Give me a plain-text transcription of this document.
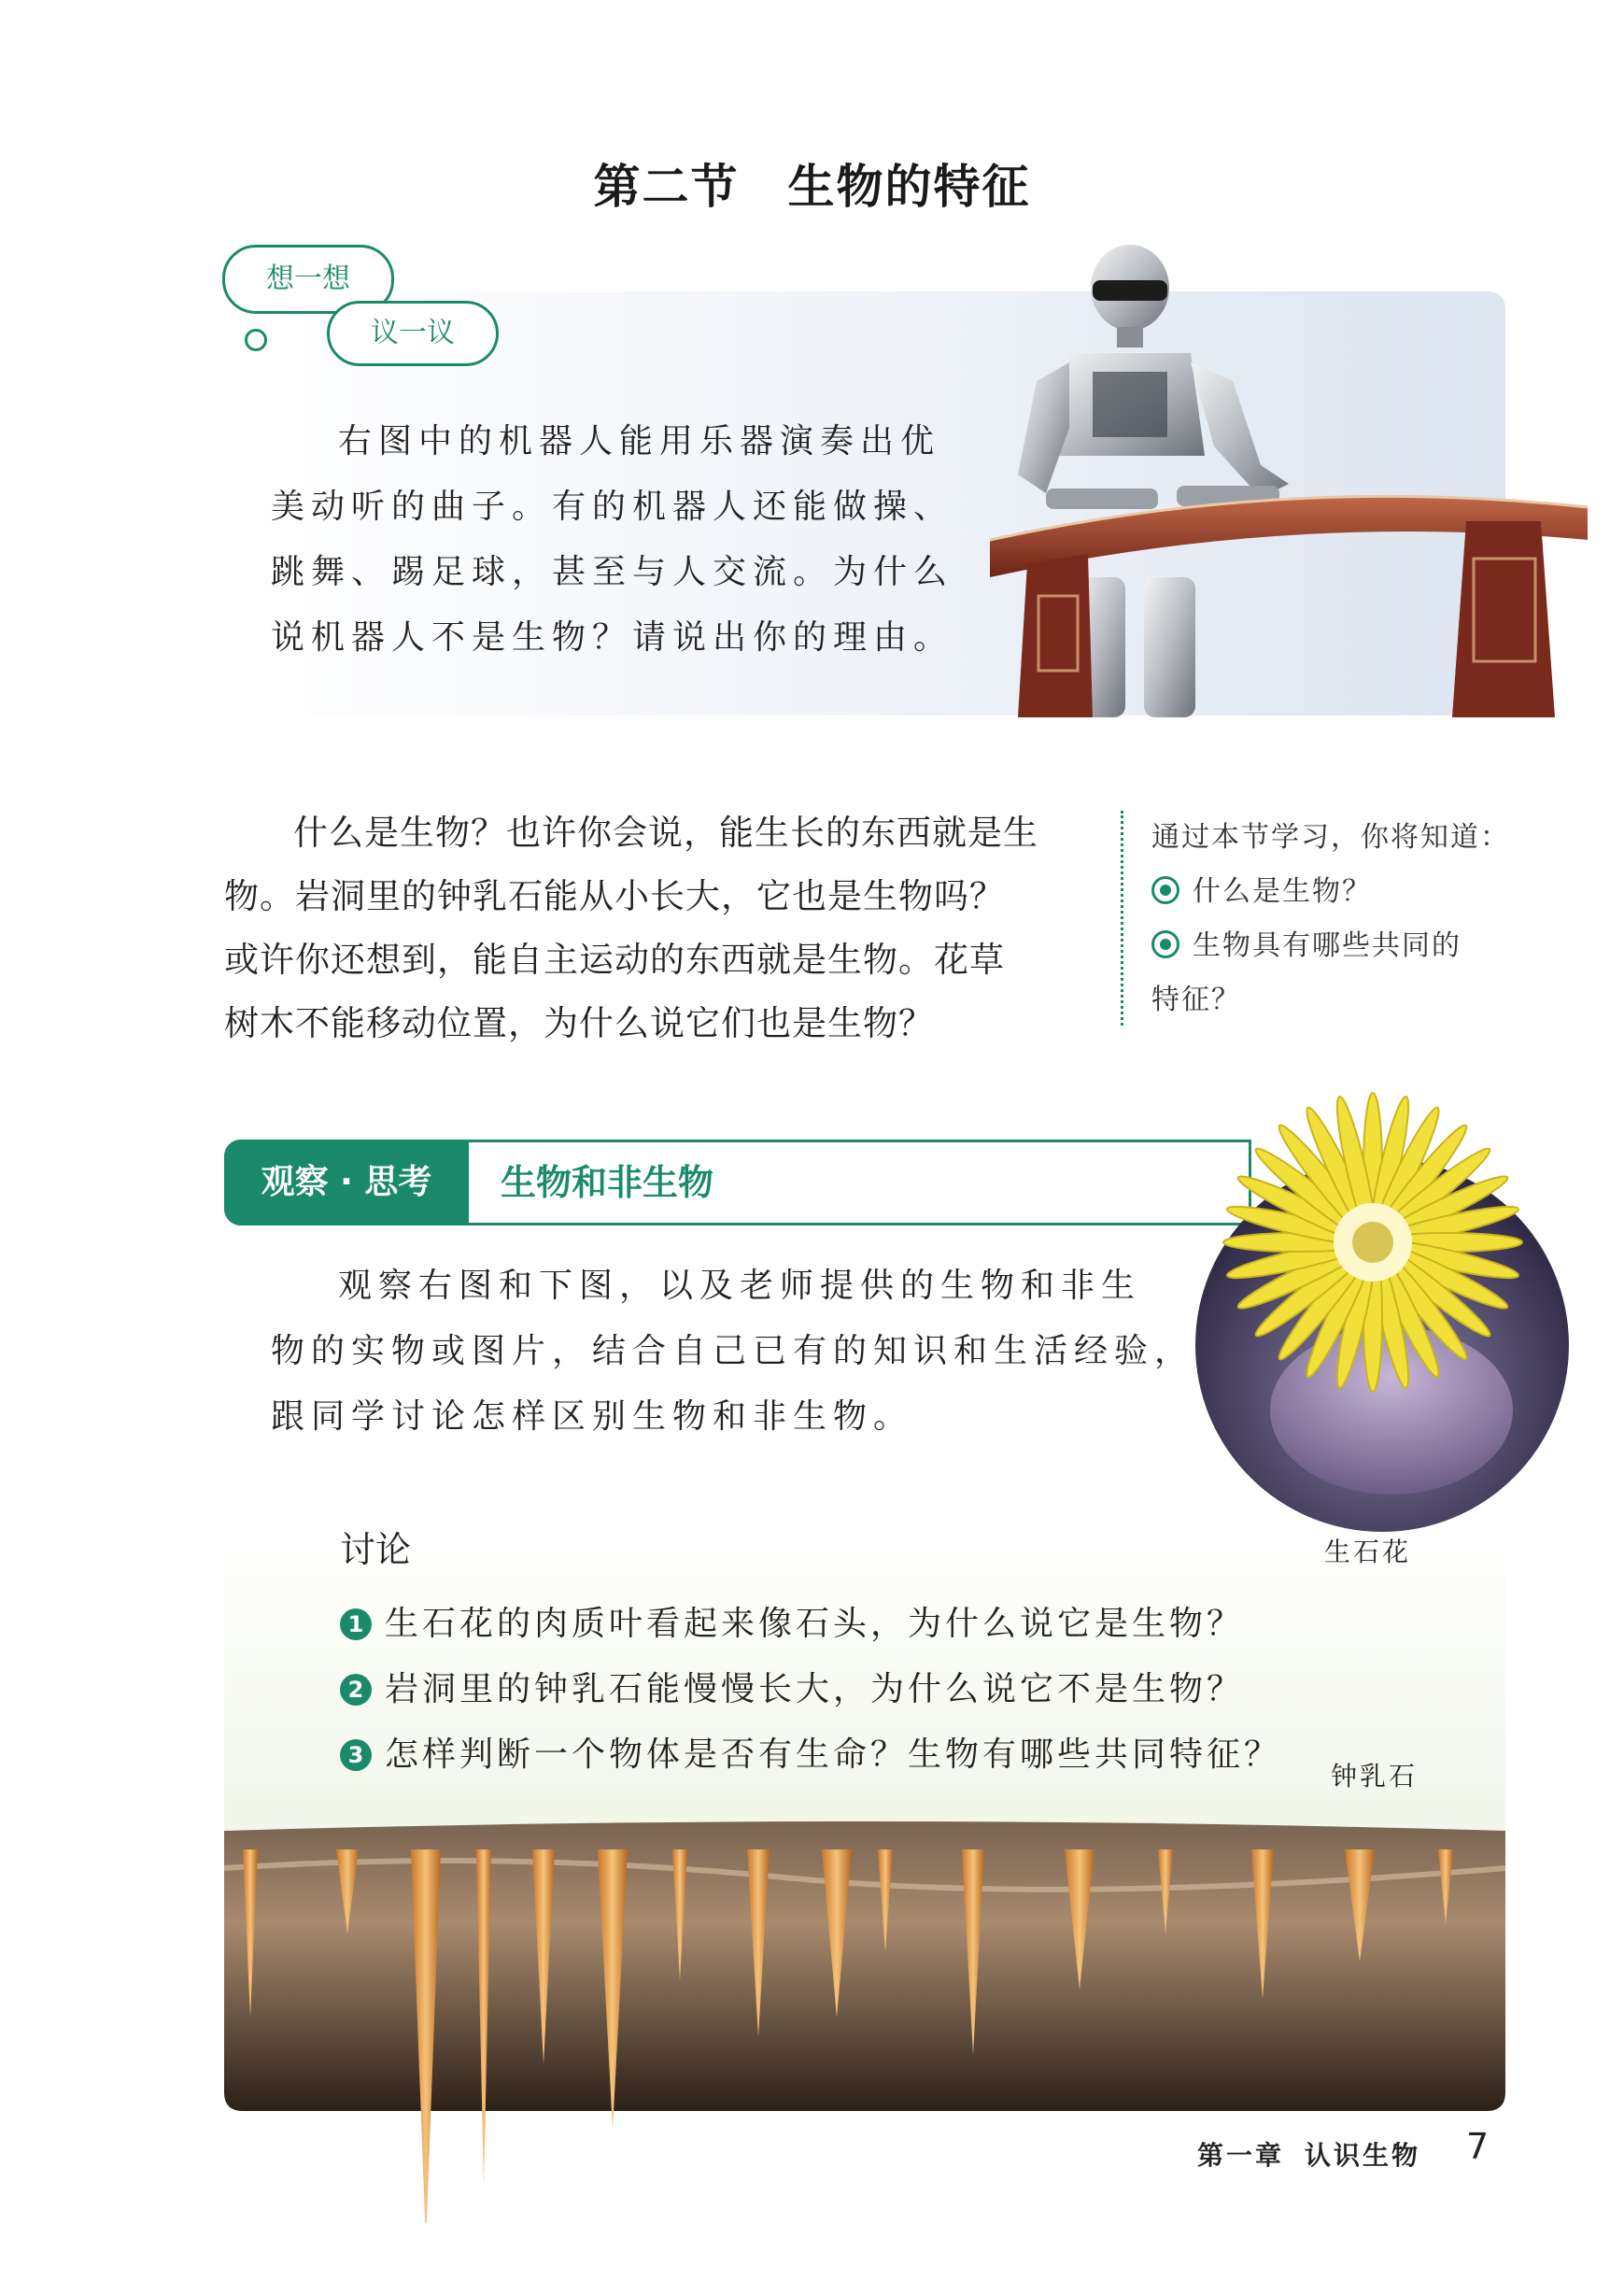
第二节 生物的特征
想一想
议一议
右图中的机器人能用乐器演奏出优
美动听的曲子。有的机器人还能做操、
跳舞、踢足球，甚至与人交流。为什么
说机器人不是生物？请说出你的理由。
什么是生物？也许你会说，能生长的东西就是生
物。岩洞里的钟乳石能从小长大，它也是生物吗？
或许你还想到，能自主运动的东西就是生物。花草
树木不能移动位置，为什么说它们也是生物？
通过本节学习，你将知道：
什么是生物？
生物具有哪些共同的
特征？
观察 · 思考	生物和非生物
生石花
观察右图和下图，以及老师提供的生物和非生
物的实物或图片，结合自己已有的知识和生活经验，
跟同学讨论怎样区别生物和非生物。
讨论
1 生石花的肉质叶看起来像石头，为什么说它是生物？
2 岩洞里的钟乳石能慢慢长大，为什么说它不是生物？
3 怎样判断一个物体是否有生命？生物有哪些共同特征？
钟乳石
第一章 认识生物 7
